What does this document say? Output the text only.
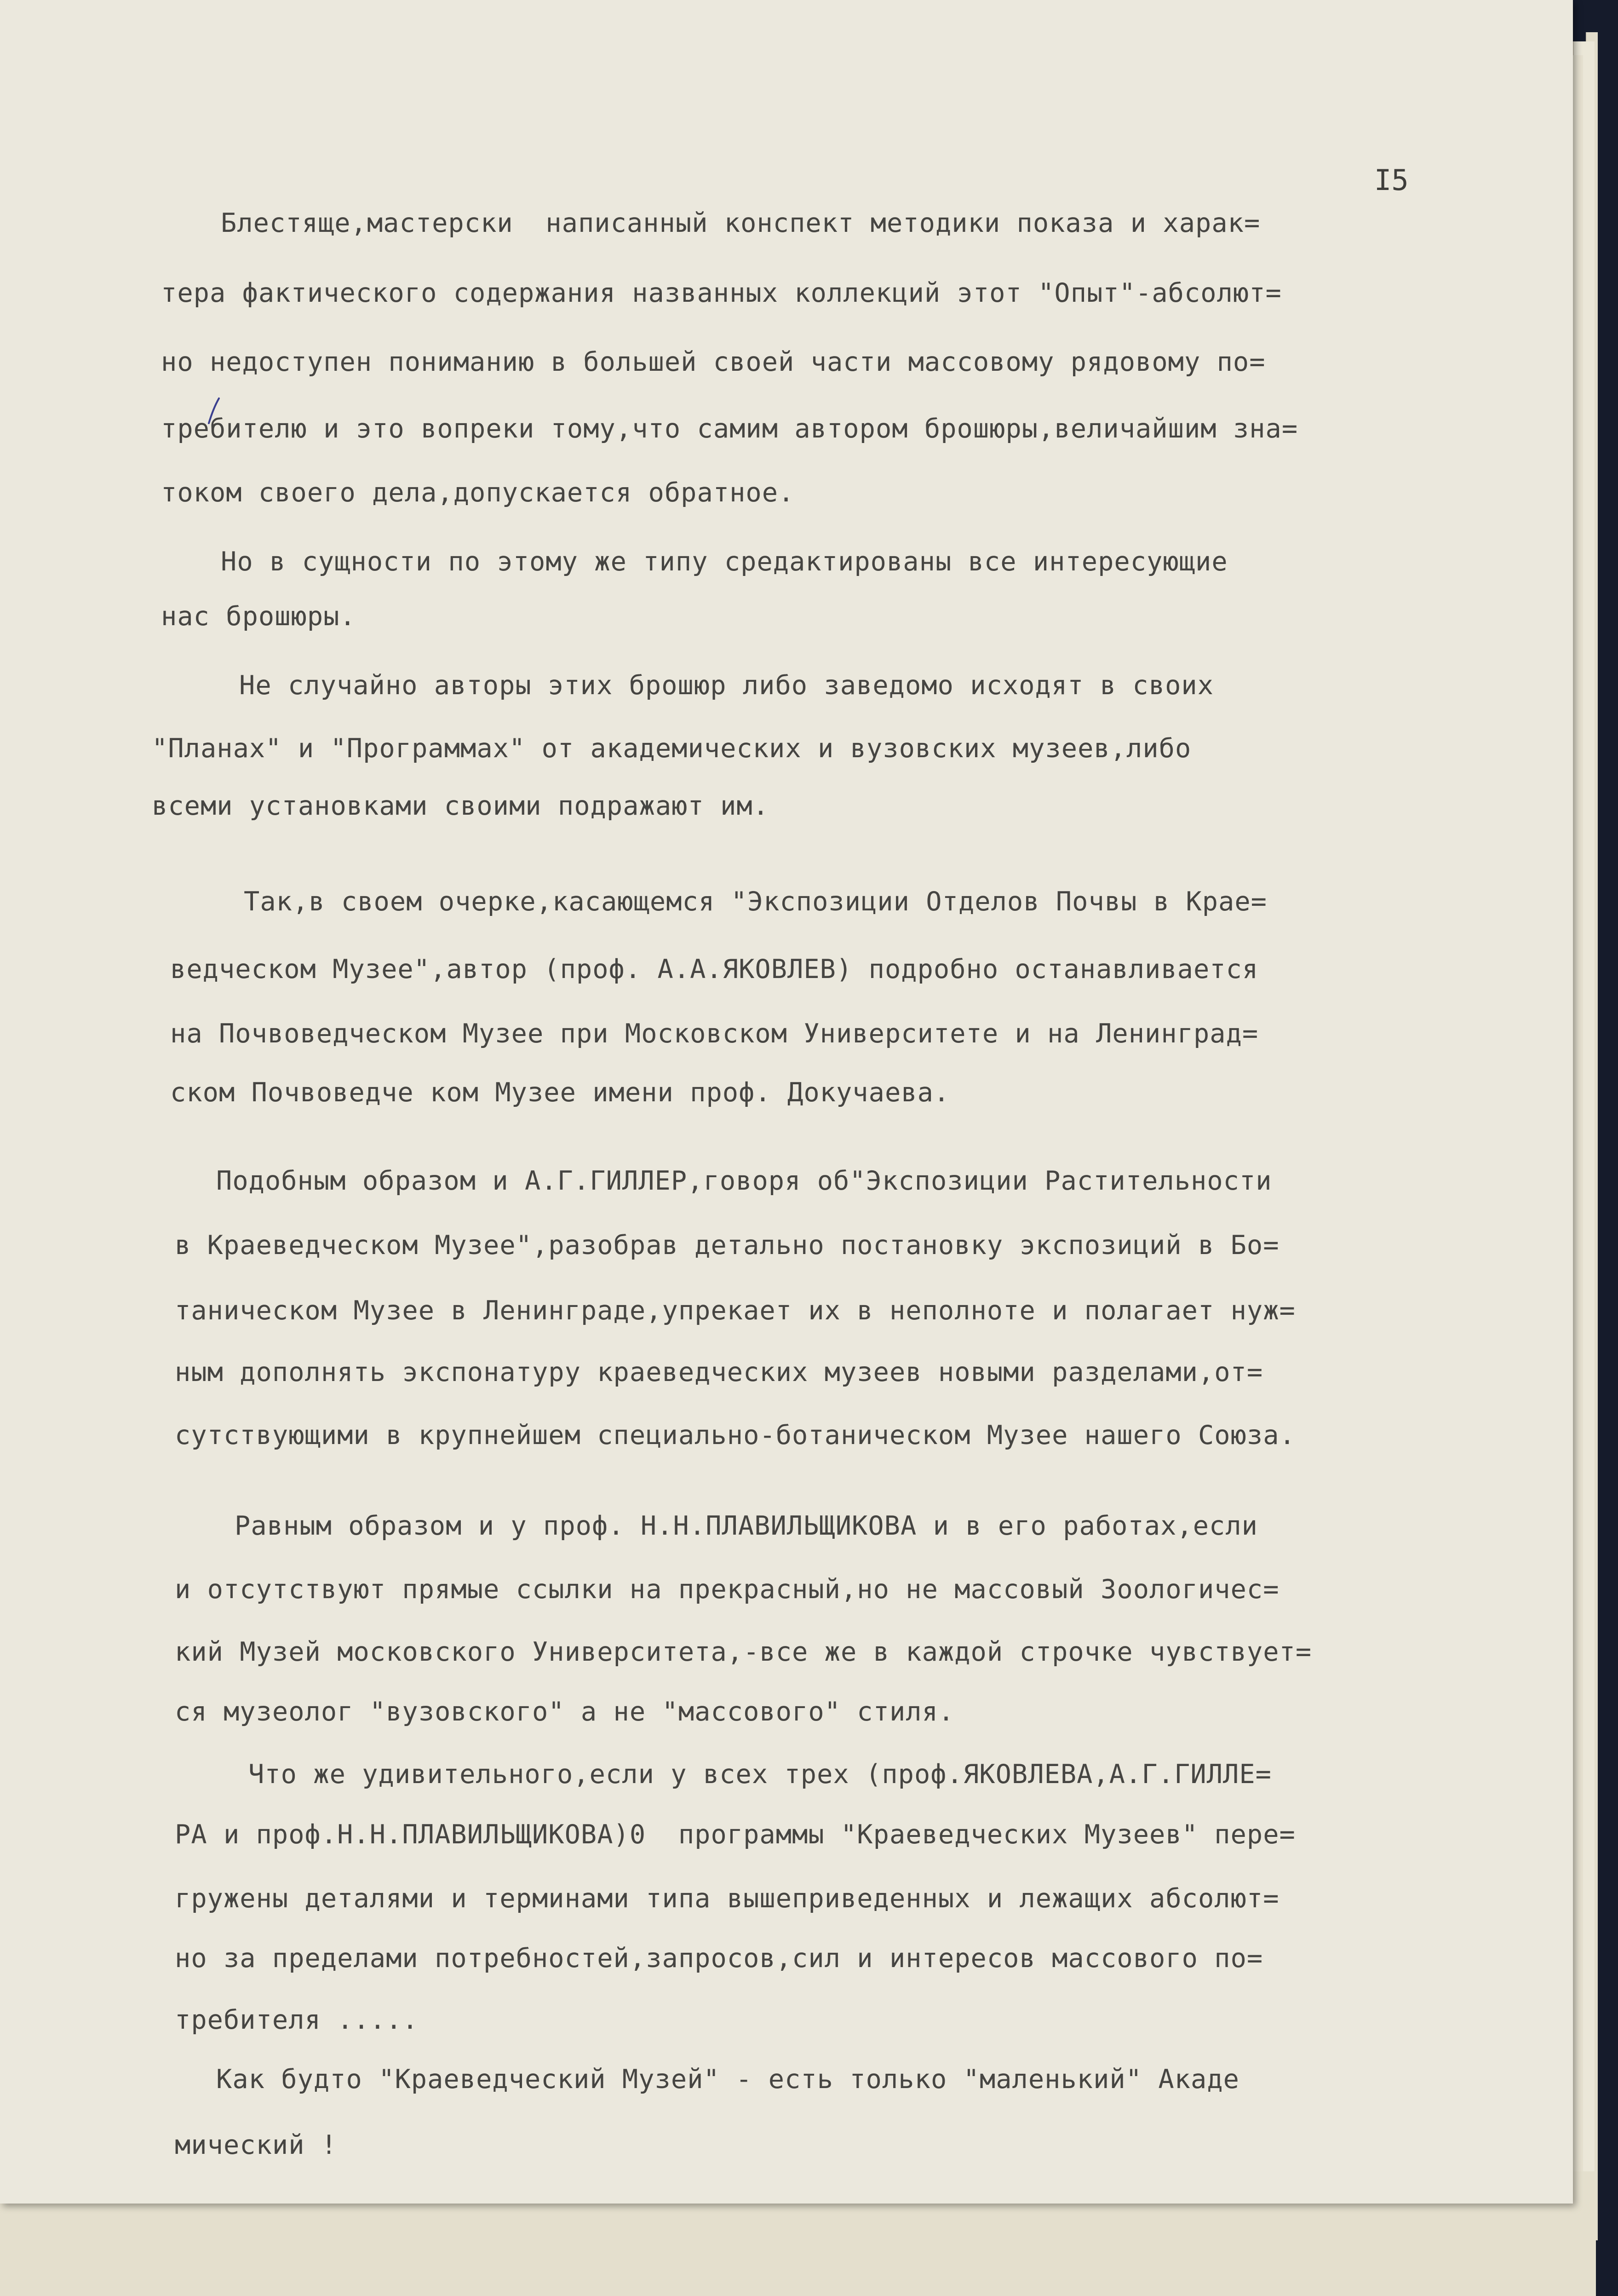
I5
Блестяще,мастерски  написанный конспект методики показа и харак=
тера фактического содержания названных коллекций этот "Опыт"-абсолют=
но недоступен пониманию в большей своей части массовому рядовому по=
требителю и это вопреки тому,что самим автором брошюры,величайшим зна=
током своего дела,допускается обратное.
Но в сущности по этому же типу средактированы все интересующие
нас брошюры.
Не случайно авторы этих брошюр либо заведомо исходят в своих
"Планах" и "Программах" от академических и вузовских музеев,либо
всеми установками своими подражают им.
Так,в своем очерке,касающемся "Экспозиции Отделов Почвы в Крае=
ведческом Музее",автор (проф. А.А.ЯКОВЛЕВ) подробно останавливается
на Почвоведческом Музее при Московском Университете и на Ленинград=
ском Почвоведче ком Музее имени проф. Докучаева.
Подобным образом и А.Г.ГИЛЛЕР,говоря об"Экспозиции Растительности
в Краеведческом Музее",разобрав детально постановку экспозиций в Бо=
таническом Музее в Ленинграде,упрекает их в неполноте и полагает нуж=
ным дополнять экспонатуру краеведческих музеев новыми разделами,от=
сутствующими в крупнейшем специально-ботаническом Музее нашего Союза.
Равным образом и у проф. Н.Н.ПЛАВИЛЬЩИКОВА и в его работах,если
и отсутствуют прямые ссылки на прекрасный,но не массовый Зоологичес=
кий Музей московского Университета,-все же в каждой строчке чувствует=
ся музеолог "вузовского" а не "массового" стиля.
Что же удивительного,если у всех трех (проф.ЯКОВЛЕВА,А.Г.ГИЛЛЕ=
РА и проф.Н.Н.ПЛАВИЛЬЩИКОВА)0  программы "Краеведческих Музеев" пере=
гружены деталями и терминами типа вышеприведенных и лежащих абсолют=
но за пределами потребностей,запросов,сил и интересов массового по=
требителя .....
Как будто "Краеведческий Музей" - есть только "маленький" Акаде
мический !
